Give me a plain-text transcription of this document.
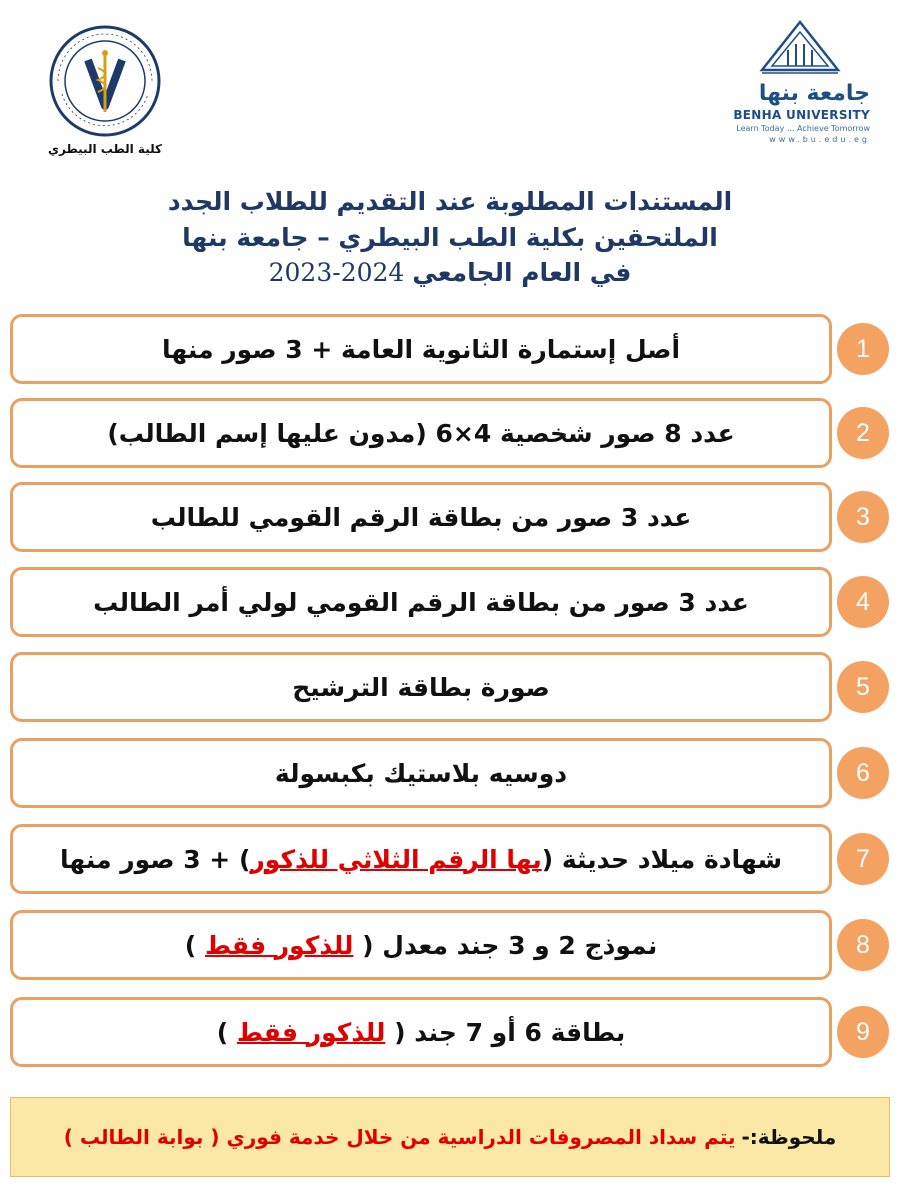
كلية الطب البيطري
جامعة بنها
BENHA UNIVERSITY
Learn Today ... Achieve Tomorrow
www.bu.edu.eg
المستندات المطلوبة عند التقديم للطلاب الجدد
الملتحقين بكلية الطب البيطري – جامعة بنها
في العام الجامعي 2023-2024
أصل إستمارة الثانوية العامة + 3 صور منها	1
عدد 8 صور شخصية 4×6 (مدون عليها إسم الطالب)	2
عدد 3 صور من بطاقة الرقم القومي للطالب	3
عدد 3 صور من بطاقة الرقم القومي لولي أمر الطالب	4
صورة بطاقة الترشيح	5
دوسيه بلاستيك بكبسولة	6
شهادة ميلاد حديثة (بها الرقم الثلاثي للذكور) + 3 صور منها	7
نموذج 2 و 3 جند معدل ( للذكور فقط )	8
بطاقة 6 أو 7 جند ( للذكور فقط )	9
ملحوظة:-
يتم سداد المصروفات الدراسية من خلال خدمة فوري ( بوابة الطالب )
